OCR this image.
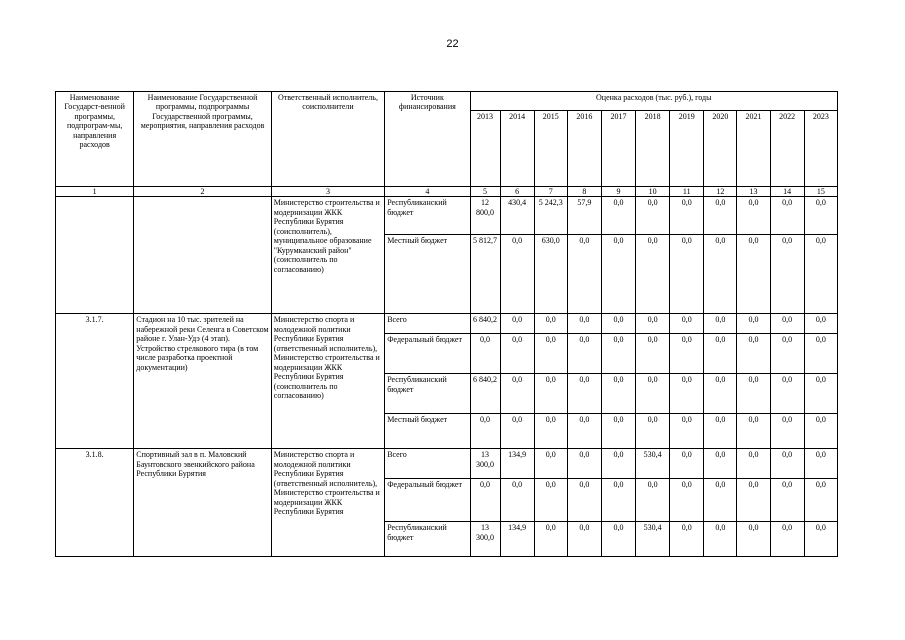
22
Наименование Государст-венной программы, подпрограм-мы, направления расходов	Наименование Государственной программы, подпрограммы Государственной программы, мероприятия, направления расходов	Ответственный исполнитель, соисполнители	Источник финансирования	Оценка расходов (тыс. руб.), годы										
				2013	2014	2015	2016	2017	2018	2019	2020	2021	2022	2023
1	2	3	4	5	6	7	8	9	10	11	12	13	14	15
		Министерство строительства и модернизации ЖКК Республики Бурятия (соисполнитель), муниципальное образование "Курумканский район" (соисполнитель по согласованию)	Республиканский бюджет	12 800,0	430,4	5 242,3	57,9	0,0	0,0	0,0	0,0	0,0	0,0	0,0
			Местный бюджет	5 812,7	0,0	630,0	0,0	0,0	0,0	0,0	0,0	0,0	0,0	0,0
3.1.7.	Стадион на 10 тыс. зрителей на набережной реки Селенга в Советском районе г. Улан-Удэ (4 этап). Устройство стрелкового тира (в том числе разработка проектной документации)	Министерство спорта и молодежной политики Республики Бурятия (ответственный исполнитель), Министерство строительства и модернизации ЖКК Республики Бурятия (соисполнитель по согласованию)	Всего	6 840,2	0,0	0,0	0,0	0,0	0,0	0,0	0,0	0,0	0,0	0,0
			Федеральный бюджет	0,0	0,0	0,0	0,0	0,0	0,0	0,0	0,0	0,0	0,0	0,0
			Республиканский бюджет	6 840,2	0,0	0,0	0,0	0,0	0,0	0,0	0,0	0,0	0,0	0,0
			Местный бюджет	0,0	0,0	0,0	0,0	0,0	0,0	0,0	0,0	0,0	0,0	0,0
3.1.8.	Спортивный зал в п. Маловский Баунтовского эвенкийского района Республики Бурятия	Министерство спорта и молодежной политики Республики Бурятия (ответственный исполнитель), Министерство строительства и модернизации ЖКК Республики Бурятия	Всего	13 300,0	134,9	0,0	0,0	0,0	530,4	0,0	0,0	0,0	0,0	0,0
			Федеральный бюджет	0,0	0,0	0,0	0,0	0,0	0,0	0,0	0,0	0,0	0,0	0,0
			Республиканский бюджет	13 300,0	134,9	0,0	0,0	0,0	530,4	0,0	0,0	0,0	0,0	0,0
